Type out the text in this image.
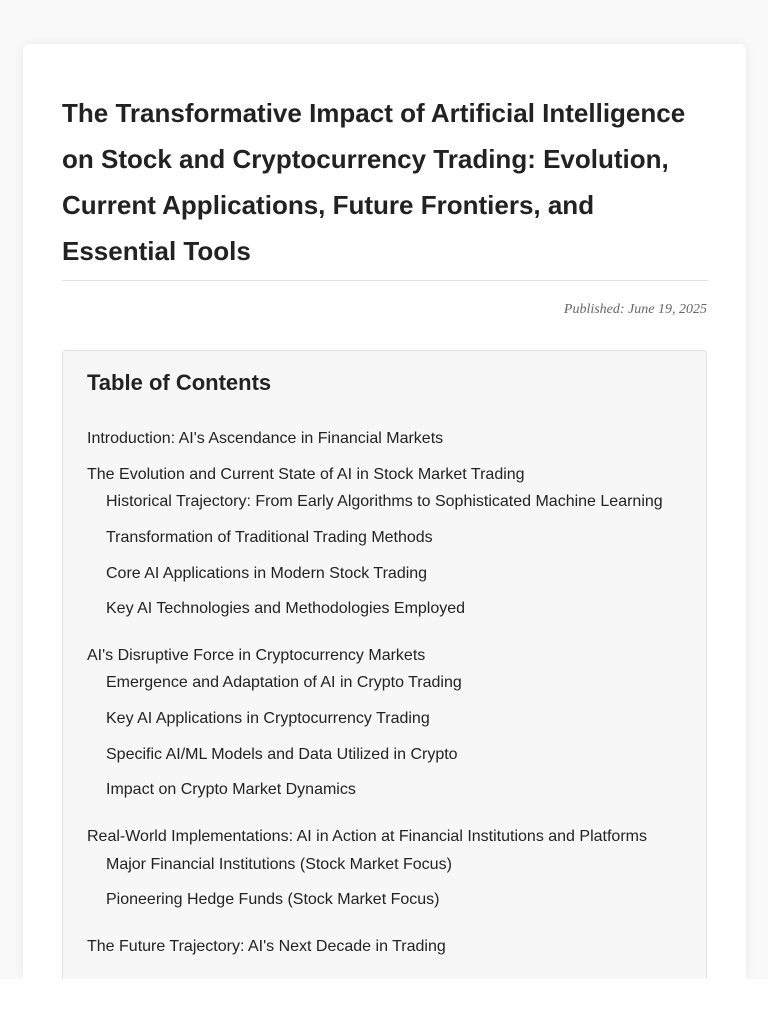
The Transformative Impact of Artificial Intelligence on Stock and Cryptocurrency Trading: Evolution, Current Applications, Future Frontiers, and Essential Tools
Published: June 19, 2025
Table of Contents
Introduction: AI's Ascendance in Financial Markets
The Evolution and Current State of AI in Stock Market Trading
Historical Trajectory: From Early Algorithms to Sophisticated Machine Learning
Transformation of Traditional Trading Methods
Core AI Applications in Modern Stock Trading
Key AI Technologies and Methodologies Employed
AI's Disruptive Force in Cryptocurrency Markets
Emergence and Adaptation of AI in Crypto Trading
Key AI Applications in Cryptocurrency Trading
Specific AI/ML Models and Data Utilized in Crypto
Impact on Crypto Market Dynamics
Real-World Implementations: AI in Action at Financial Institutions and Platforms
Major Financial Institutions (Stock Market Focus)
Pioneering Hedge Funds (Stock Market Focus)
The Future Trajectory: AI's Next Decade in Trading
